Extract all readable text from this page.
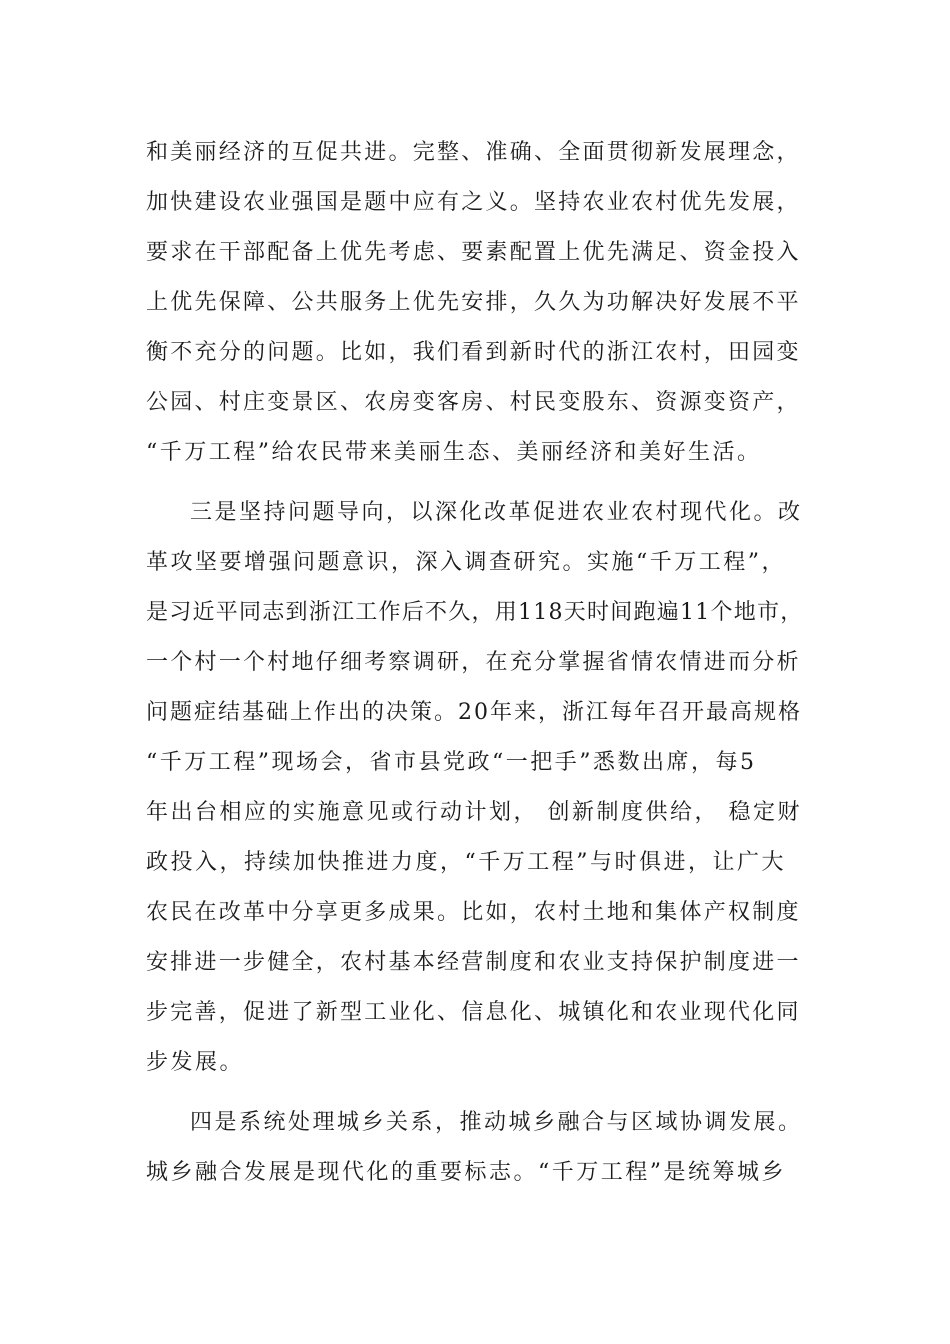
和美丽经济的互促共进。完整、准确、全面贯彻新发展理念，
加快建设农业强国是题中应有之义。坚持农业农村优先发展，
要求在干部配备上优先考虑、要素配置上优先满足、资金投入
上优先保障、公共服务上优先安排，久久为功解决好发展不平
衡不充分的问题。比如，我们看到新时代的浙江农村，田园变
公园、村庄变景区、农房变客房、村民变股东、资源变资产，
“千万工程”给农民带来美丽生态、美丽经济和美好生活。
三是坚持问题导向，以深化改革促进农业农村现代化。改
革攻坚要增强问题意识，深入调查研究。实施“千万工程”，
是习近平同志到浙江工作后不久，用118天时间跑遍11个地市，
一个村一个村地仔细考察调研，在充分掌握省情农情进而分析
问题症结基础上作出的决策。20年来，浙江每年召开最高规格
“千万工程”现场会，省市县党政“一把手”悉数出席，每5
年出台相应的实施意见或行动计划， 创新制度供给， 稳定财
政投入，持续加快推进力度，“千万工程”与时俱进，让广大
农民在改革中分享更多成果。比如，农村土地和集体产权制度
安排进一步健全，农村基本经营制度和农业支持保护制度进一
步完善，促进了新型工业化、信息化、城镇化和农业现代化同
步发展。
四是系统处理城乡关系，推动城乡融合与区域协调发展。
城乡融合发展是现代化的重要标志。“千万工程”是统筹城乡
